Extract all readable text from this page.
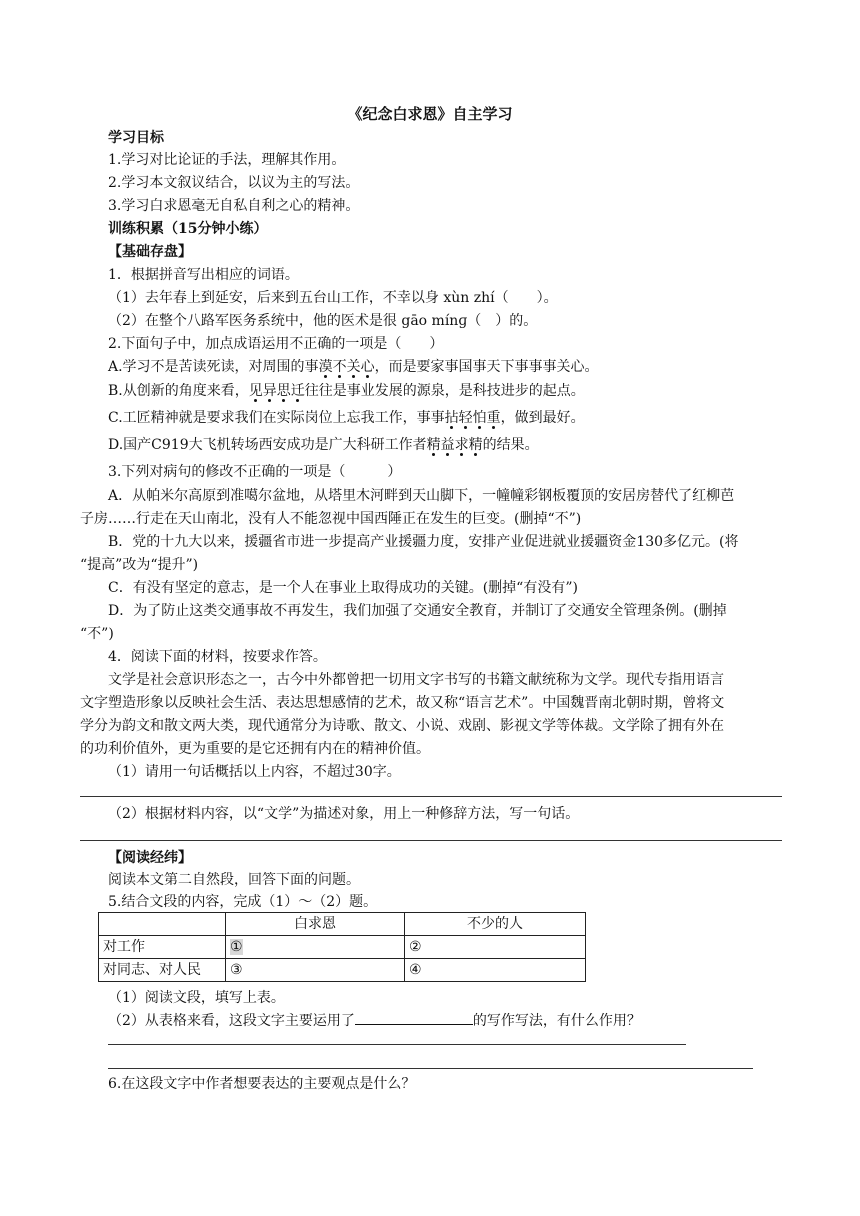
《纪念白求恩》自主学习
学习目标
1.学习对比论证的手法，理解其作用。
2.学习本文叙议结合，以议为主的写法。
3.学习白求恩毫无自私自利之心的精神。
训练积累（15分钟小练）
【基础存盘】
1．根据拼音写出相应的词语。
（1）去年春上到延安，后来到五台山工作，不幸以身 xùn zhí（　　）。
（2）在整个八路军医务系统中，他的医术是很 gāo mínɡ（　）的。
2.下面句子中，加点成语运用不正确的一项是（　　）
A.学习不是苦读死读，对周围的事漠不关心，而是要家事国事天下事事事关心。
B.从创新的角度来看，见异思迁往往是事业发展的源泉，是科技进步的起点。
C.工匠精神就是要求我们在实际岗位上忘我工作，事事拈轻怕重，做到最好。
D.国产C919大飞机转场西安成功是广大科研工作者精益求精的结果。
3.下列对病句的修改不正确的一项是（　　　）
A．从帕米尔高原到准噶尔盆地，从塔里木河畔到天山脚下，一幢幢彩钢板覆顶的安居房替代了红柳芭
子房……行走在天山南北，没有人不能忽视中国西陲正在发生的巨变。(删掉“不”)
B．党的十九大以来，援疆省市进一步提高产业援疆力度，安排产业促进就业援疆资金130多亿元。(将
“提高”改为“提升”)
C．有没有坚定的意志，是一个人在事业上取得成功的关键。(删掉“有没有”)
D．为了防止这类交通事故不再发生，我们加强了交通安全教育，并制订了交通安全管理条例。(删掉
“不”)
4．阅读下面的材料，按要求作答。
文学是社会意识形态之一，古今中外都曾把一切用文字书写的书籍文献统称为文学。现代专指用语言
文字塑造形象以反映社会生活、表达思想感情的艺术，故又称“语言艺术”。中国魏晋南北朝时期，曾将文
学分为韵文和散文两大类，现代通常分为诗歌、散文、小说、戏剧、影视文学等体裁。文学除了拥有外在
的功利价值外，更为重要的是它还拥有内在的精神价值。
（1）请用一句话概括以上内容，不超过30字。
（2）根据材料内容，以“文学”为描述对象，用上一种修辞方法，写一句话。
【阅读经纬】
阅读本文第二自然段，回答下面的问题。
5.结合文段的内容，完成（1）～（2）题。
	白求恩	不少的人
对工作	①	②
对同志、对人民	③	④
（1）阅读文段，填写上表。
（2）从表格来看，这段文字主要运用了	的写作写法，有什么作用？
6.在这段文字中作者想要表达的主要观点是什么？
